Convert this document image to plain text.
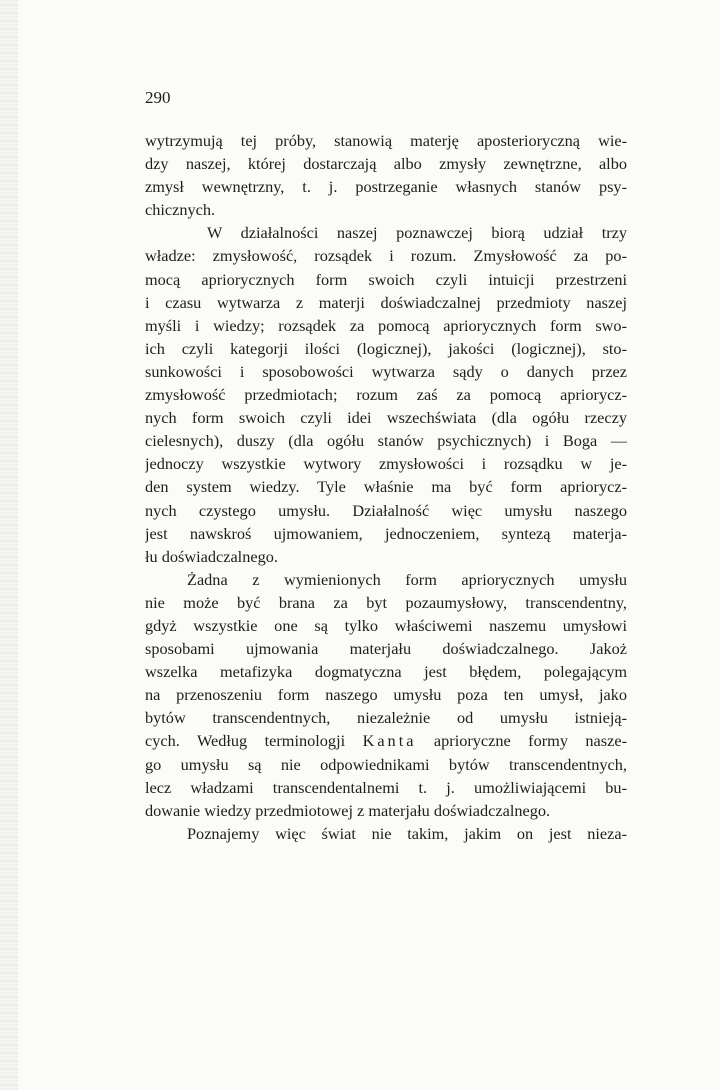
290
wytrzymują tej próby, stanowią materję aposterioryczną wie-
dzy naszej, której dostarczają albo zmysły zewnętrzne, albo
zmysł wewnętrzny, t. j. postrzeganie własnych stanów psy-
chicznych.
W działalności naszej poznawczej biorą udział trzy
władze: zmysłowość, rozsądek i rozum. Zmysłowość za po-
mocą apriorycznych form swoich czyli intuicji przestrzeni
i czasu wytwarza z materji doświadczalnej przedmioty naszej
myśli i wiedzy; rozsądek za pomocą apriorycznych form swo-
ich czyli kategorji ilości (logicznej), jakości (logicznej), sto-
sunkowości i sposobowości wytwarza sądy o danych przez
zmysłowość przedmiotach; rozum zaś za pomocą apriorycz-
nych form swoich czyli idei wszechświata (dla ogółu rzeczy
cielesnych), duszy (dla ogółu stanów psychicznych) i Boga —
jednoczy wszystkie wytwory zmysłowości i rozsądku w je-
den system wiedzy. Tyle właśnie ma być form apriorycz-
nych czystego umysłu. Działalność więc umysłu naszego
jest nawskroś ujmowaniem, jednoczeniem, syntezą materja-
łu doświadczalnego.
Żadna z wymienionych form apriorycznych umysłu
nie może być brana za byt pozaumysłowy, transcendentny,
gdyż wszystkie one są tylko właściwemi naszemu umysłowi
sposobami ujmowania materjału doświadczalnego. Jakoż
wszelka metafizyka dogmatyczna jest błędem, polegającym
na przenoszeniu form naszego umysłu poza ten umysł, jako
bytów transcendentnych, niezależnie od umysłu istnieją-
cych. Według terminologji Kanta aprioryczne formy nasze-
go umysłu są nie odpowiednikami bytów transcendentnych,
lecz władzami transcendentalnemi t. j. umożliwiającemi bu-
dowanie wiedzy przedmiotowej z materjału doświadczalnego.
Poznajemy więc świat nie takim, jakim on jest nieza-
